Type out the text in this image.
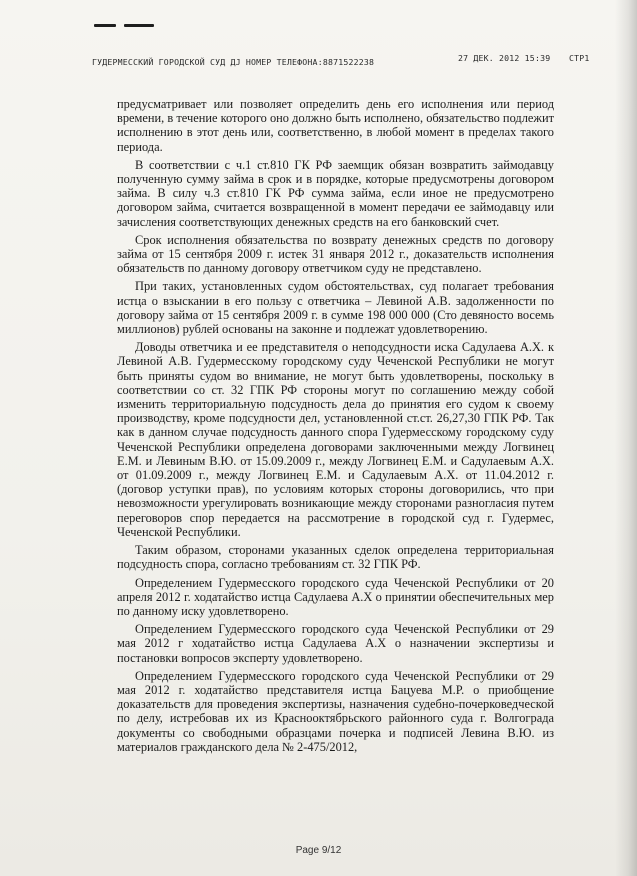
ГУДЕРМЕССКИЙ ГОРОДСКОЙ СУД ДJ НОМЕР ТЕЛЕФОНА:8871522238	27 ДЕК. 2012 15:39 СТР1

предусматривает или позволяет определить день его исполнения или период времени, в течение которого оно должно быть исполнено, обязательство подлежит исполнению в этот день или, соответственно, в любой момент в пределах такого периода.

В соответствии с ч.1 ст.810 ГК РФ заемщик обязан возвратить займодавцу полученную сумму займа в срок и в порядке, которые предусмотрены договором займа. В силу ч.3 ст.810 ГК РФ сумма займа, если иное не предусмотрено договором займа, считается возвращенной в момент передачи ее займодавцу или зачисления соответствующих денежных средств на его банковский счет.

Срок исполнения обязательства по возврату денежных средств по договору займа от 15 сентября 2009 г. истек 31 января 2012 г., доказательств исполнения обязательств по данному договору ответчиком суду не представлено.

При таких, установленных судом обстоятельствах, суд полагает требования истца о взыскании в его пользу с ответчика – Левиной А.В. задолженности по договору займа от 15 сентября 2009 г. в сумме 198 000 000 (Сто девяносто восемь миллионов) рублей основаны на законне и подлежат удовлетворению.

Доводы ответчика и ее представителя о неподсудности иска Садулаева А.Х. к Левиной А.В. Гудермесскому городскому суду Чеченской Республики не могут быть приняты судом во внимание, не могут быть удовлетворены, поскольку в соответствии со ст. 32 ГПК РФ стороны могут по соглашению между собой изменить территориальную подсудность дела до принятия его судом к своему производству, кроме подсудности дел, установленной ст.ст. 26,27,30 ГПК РФ. Так как в данном случае подсудность данного спора Гудермесскому городскому суду Чеченской Республики определена договорами заключенными между Логвинец Е.М. и Левиным В.Ю. от 15.09.2009 г., между Логвинец Е.М. и Садулаевым А.Х. от 01.09.2009 г., между Логвинец Е.М. и Садулаевым А.Х. от 11.04.2012 г. (договор уступки прав), по условиям которых стороны договорились, что при невозможности урегулировать возникающие между сторонами разногласия путем переговоров спор передается на рассмотрение в городской суд г. Гудермес, Чеченской Республики.

Таким образом, сторонами указанных сделок определена территориальная подсудность спора, согласно требованиям ст. 32 ГПК РФ.

Определением Гудермесского городского суда Чеченской Республики от 20 апреля 2012 г. ходатайство истца Садулаева А.Х о принятии обеспечительных мер по данному иску удовлетворено.

Определением Гудермесского городского суда Чеченской Республики от 29 мая 2012 г ходатайство истца Садулаева А.Х о назначении экспертизы и постановки вопросов эксперту удовлетворено.

Определением Гудермесского городского суда Чеченской Республики от 29 мая 2012 г. ходатайство представителя истца Бацуева М.Р. о приобщение доказательств для проведения экспертизы, назначения судебно-почерковедческой по делу, истребовав их из Краснооктябрьского районного суда г. Волгограда документы со свободными образцами почерка и подписей Левина В.Ю. из материалов гражданского дела № 2-475/2012,

Page 9/12
